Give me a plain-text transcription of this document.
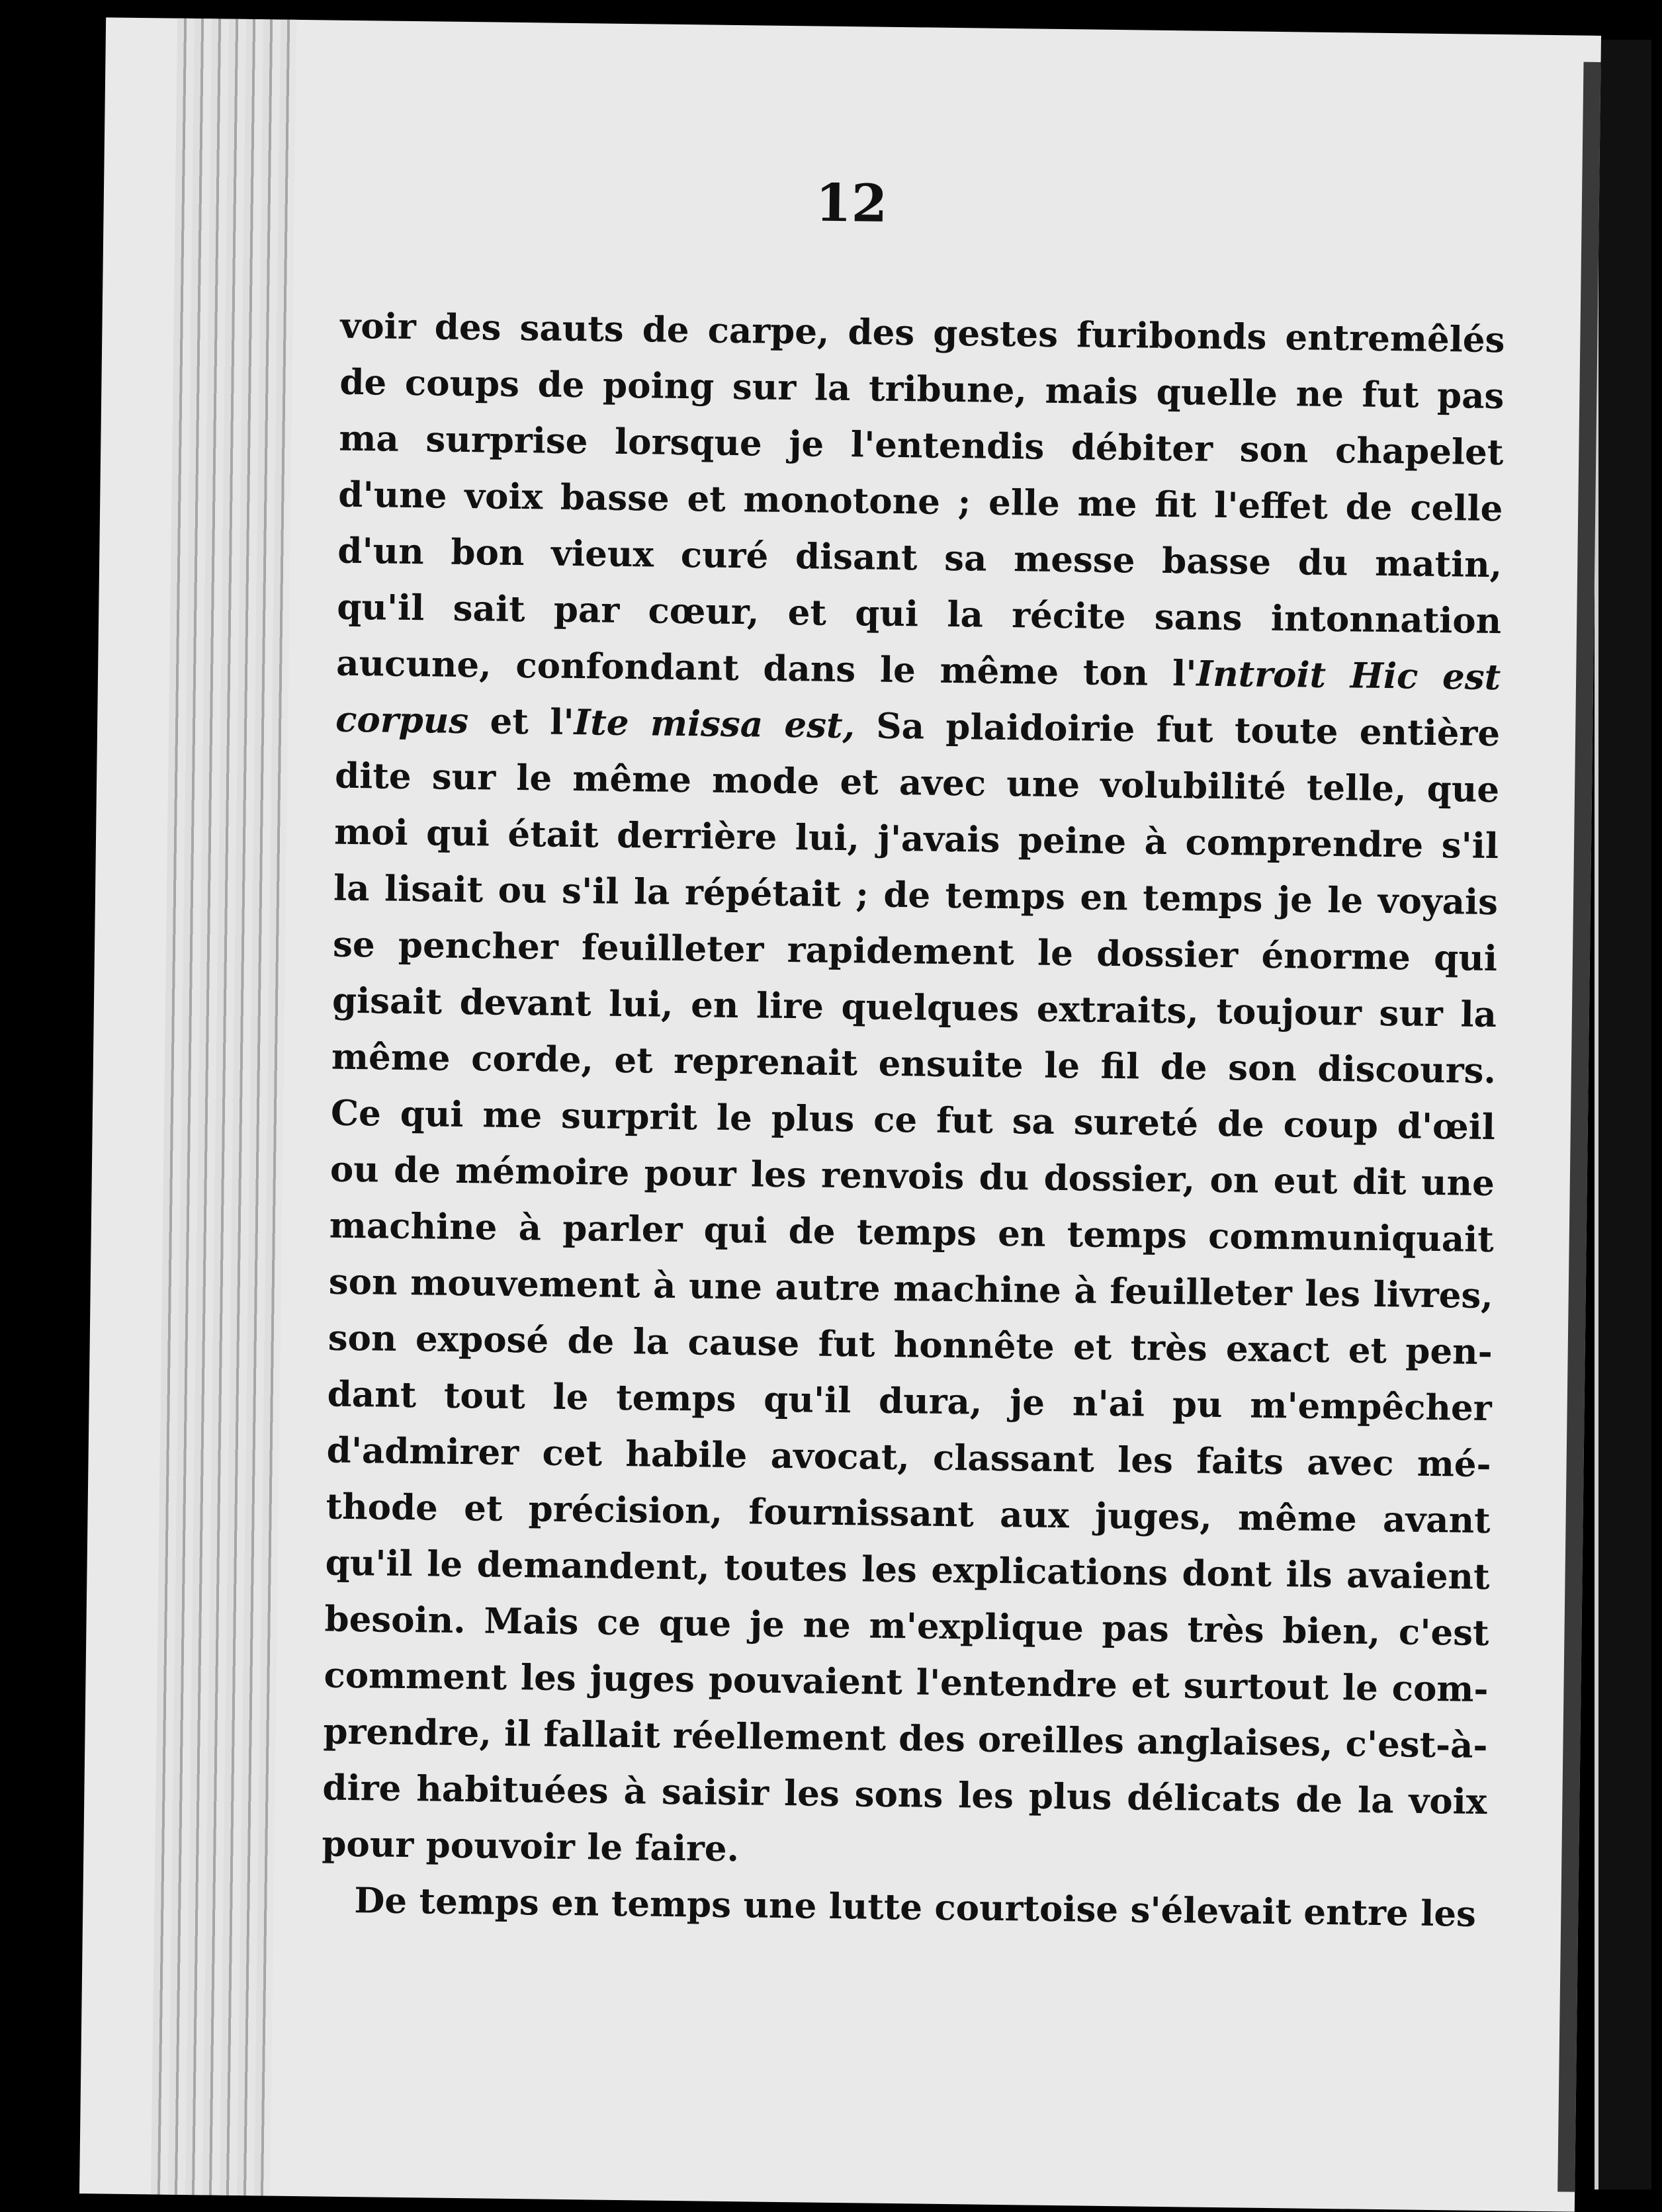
12
voir des sauts de carpe, des gestes furibonds entremêlés
de coups de poing sur la tribune, mais quelle ne fut pas
ma surprise lorsque je l'entendis débiter son chapelet
d'une voix basse et monotone ; elle me fit l'effet de celle
d'un bon vieux curé disant sa messe basse du matin,
qu'il sait par cœur, et qui la récite sans intonnation
aucune, confondant dans le même ton l'Introit Hic est
corpus et l'Ite missa est, Sa plaidoirie fut toute entière
dite sur le même mode et avec une volubilité telle, que
moi qui était derrière lui, j'avais peine à comprendre s'il
la lisait ou s'il la répétait ; de temps en temps je le voyais
se pencher feuilleter rapidement le dossier énorme qui
gisait devant lui, en lire quelques extraits, toujour sur la
même corde, et reprenait ensuite le fil de son discours.
Ce qui me surprit le plus ce fut sa sureté de coup d'œil
ou de mémoire pour les renvois du dossier, on eut dit une
machine à parler qui de temps en temps communiquait
son mouvement à une autre machine à feuilleter les livres,
son exposé de la cause fut honnête et très exact et pen-
dant tout le temps qu'il dura, je n'ai pu m'empêcher
d'admirer cet habile avocat, classant les faits avec mé-
thode et précision, fournissant aux juges, même avant
qu'il le demandent, toutes les explications dont ils avaient
besoin. Mais ce que je ne m'explique pas très bien, c'est
comment les juges pouvaient l'entendre et surtout le com-
prendre, il fallait réellement des oreilles anglaises, c'est-à-
dire habituées à saisir les sons les plus délicats de la voix
pour pouvoir le faire.
De temps en temps une lutte courtoise s'élevait entre les
